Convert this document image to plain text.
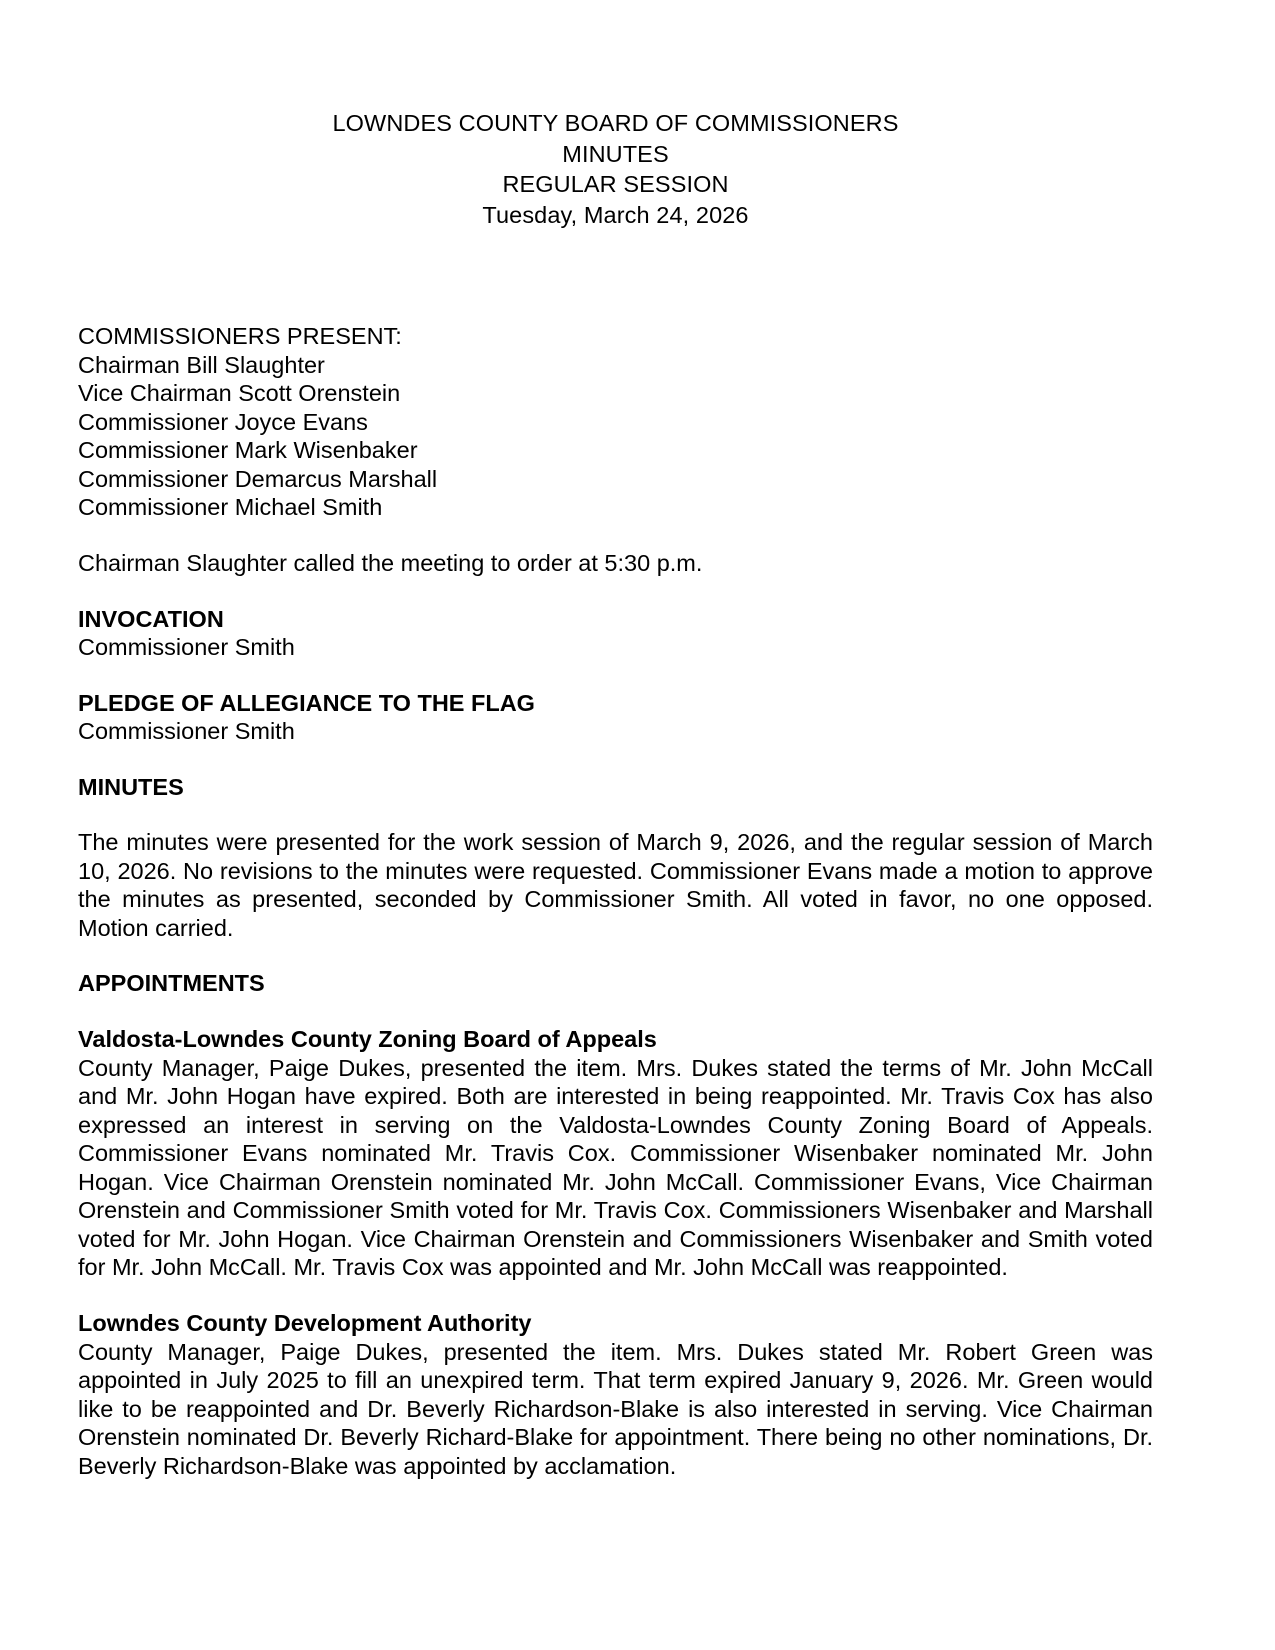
LOWNDES COUNTY BOARD OF COMMISSIONERS
MINUTES
REGULAR SESSION
Tuesday, March 24, 2026
COMMISSIONERS PRESENT:
Chairman Bill Slaughter
Vice Chairman Scott Orenstein
Commissioner Joyce Evans
Commissioner Mark Wisenbaker
Commissioner Demarcus Marshall
Commissioner Michael Smith

Chairman Slaughter called the meeting to order at 5:30 p.m.

INVOCATION

Commissioner Smith

PLEDGE OF ALLEGIANCE TO THE FLAG

Commissioner Smith

MINUTES

The minutes were presented for the work session of March 9, 2026, and the regular session of March 10, 2026. No revisions to the minutes were requested. Commissioner Evans made a motion to approve the minutes as presented, seconded by Commissioner Smith. All voted in favor, no one opposed. Motion carried.

APPOINTMENTS

Valdosta-Lowndes County Zoning Board of Appeals

County Manager, Paige Dukes, presented the item. Mrs. Dukes stated the terms of Mr. John McCall and Mr. John Hogan have expired. Both are interested in being reappointed. Mr. Travis Cox has also expressed an interest in serving on the Valdosta-Lowndes County Zoning Board of Appeals. Commissioner Evans nominated Mr. Travis Cox. Commissioner Wisenbaker nominated Mr. John Hogan. Vice Chairman Orenstein nominated Mr. John McCall. Commissioner Evans, Vice Chairman Orenstein and Commissioner Smith voted for Mr. Travis Cox. Commissioners Wisenbaker and Marshall voted for Mr. John Hogan. Vice Chairman Orenstein and Commissioners Wisenbaker and Smith voted for Mr. John McCall. Mr. Travis Cox was appointed and Mr. John McCall was reappointed.

Lowndes County Development Authority

County Manager, Paige Dukes, presented the item. Mrs. Dukes stated Mr. Robert Green was appointed in July 2025 to fill an unexpired term. That term expired January 9, 2026. Mr. Green would like to be reappointed and Dr. Beverly Richardson-Blake is also interested in serving. Vice Chairman Orenstein nominated Dr. Beverly Richard-Blake for appointment. There being no other nominations, Dr. Beverly Richardson-Blake was appointed by acclamation.
